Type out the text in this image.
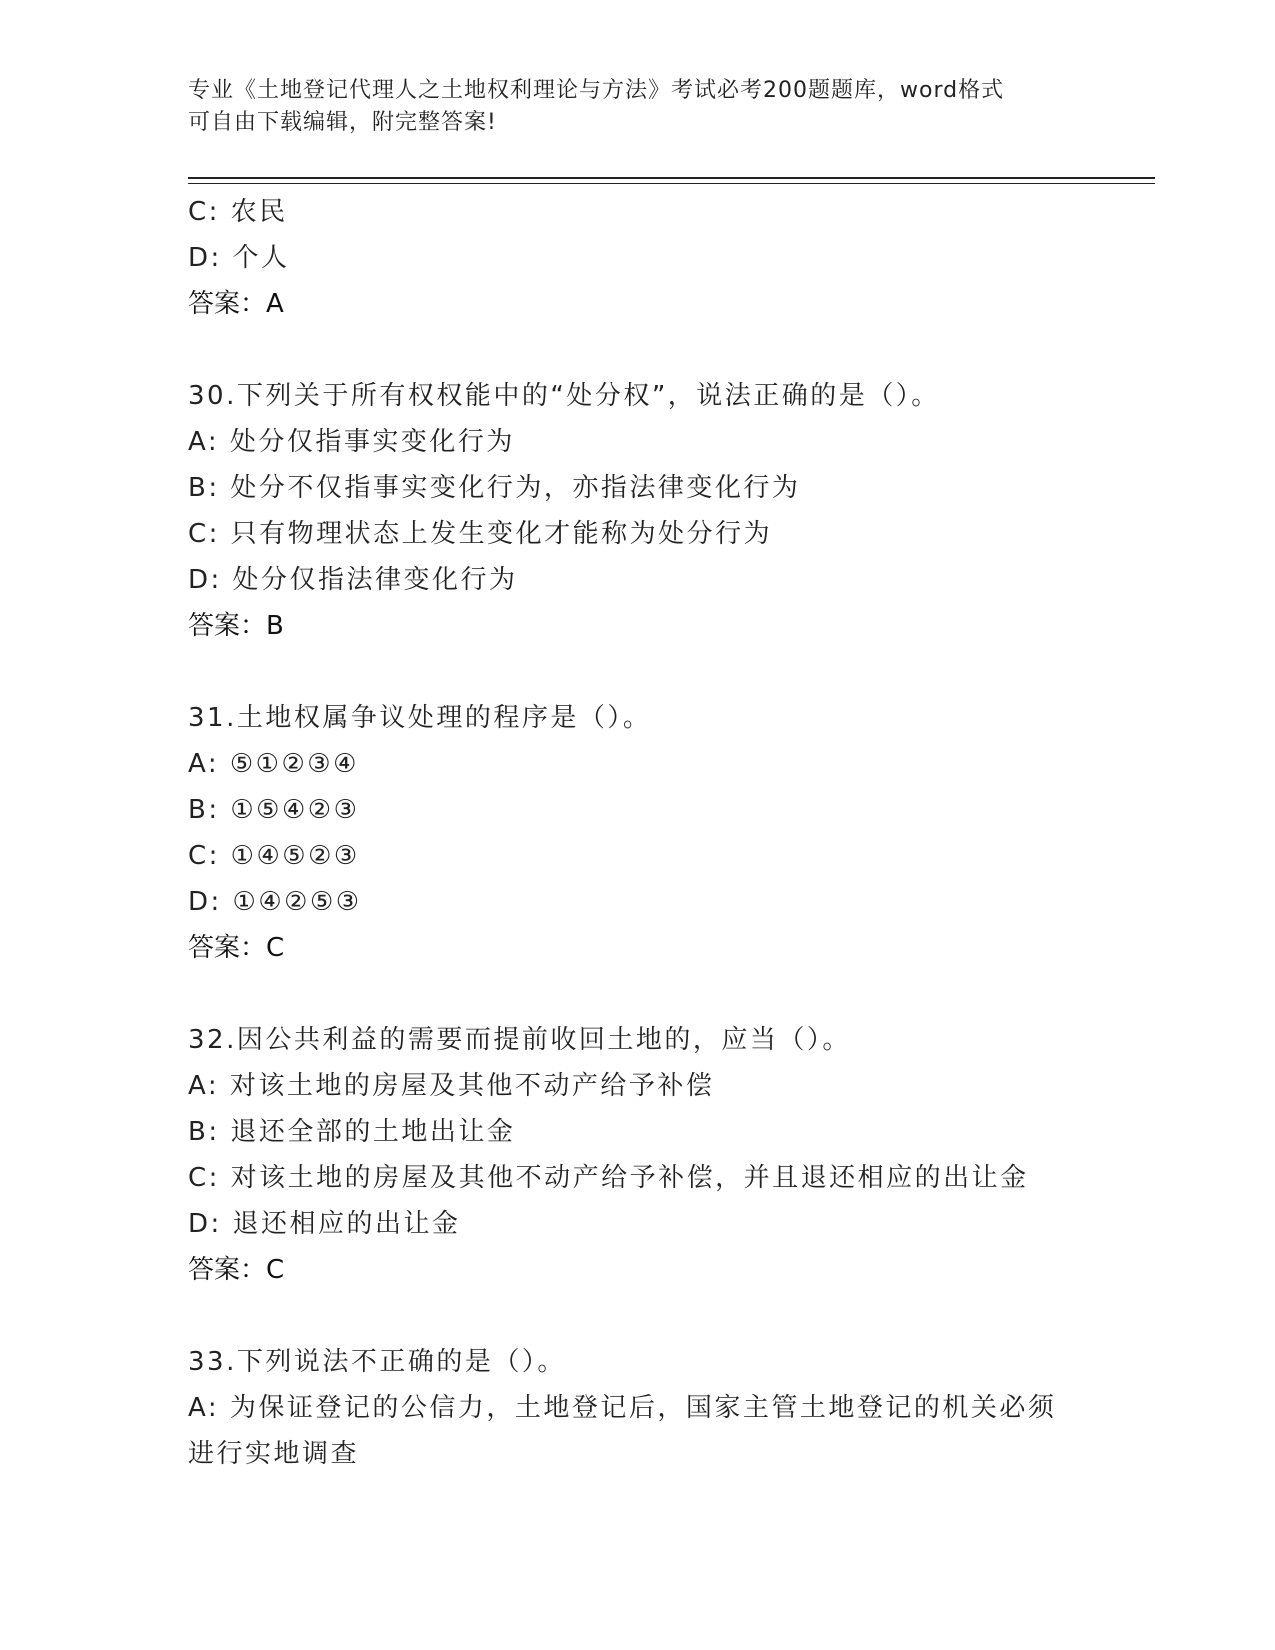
专业《土地登记代理人之土地权利理论与方法》考试必考200题题库，word格式
可自由下载编辑，附完整答案!
C: 农民
D: 个人
答案：A
30.下列关于所有权权能中的“处分权”，说法正确的是（）。
A: 处分仅指事实变化行为
B: 处分不仅指事实变化行为，亦指法律变化行为
C: 只有物理状态上发生变化才能称为处分行为
D: 处分仅指法律变化行为
答案：B
31.土地权属争议处理的程序是（）。
A: ⑤①②③④
B: ①⑤④②③
C: ①④⑤②③
D: ①④②⑤③
答案：C
32.因公共利益的需要而提前收回土地的，应当（）。
A: 对该土地的房屋及其他不动产给予补偿
B: 退还全部的土地出让金
C: 对该土地的房屋及其他不动产给予补偿，并且退还相应的出让金
D: 退还相应的出让金
答案：C
33.下列说法不正确的是（）。
A: 为保证登记的公信力，土地登记后，国家主管土地登记的机关必须进行实地调查
